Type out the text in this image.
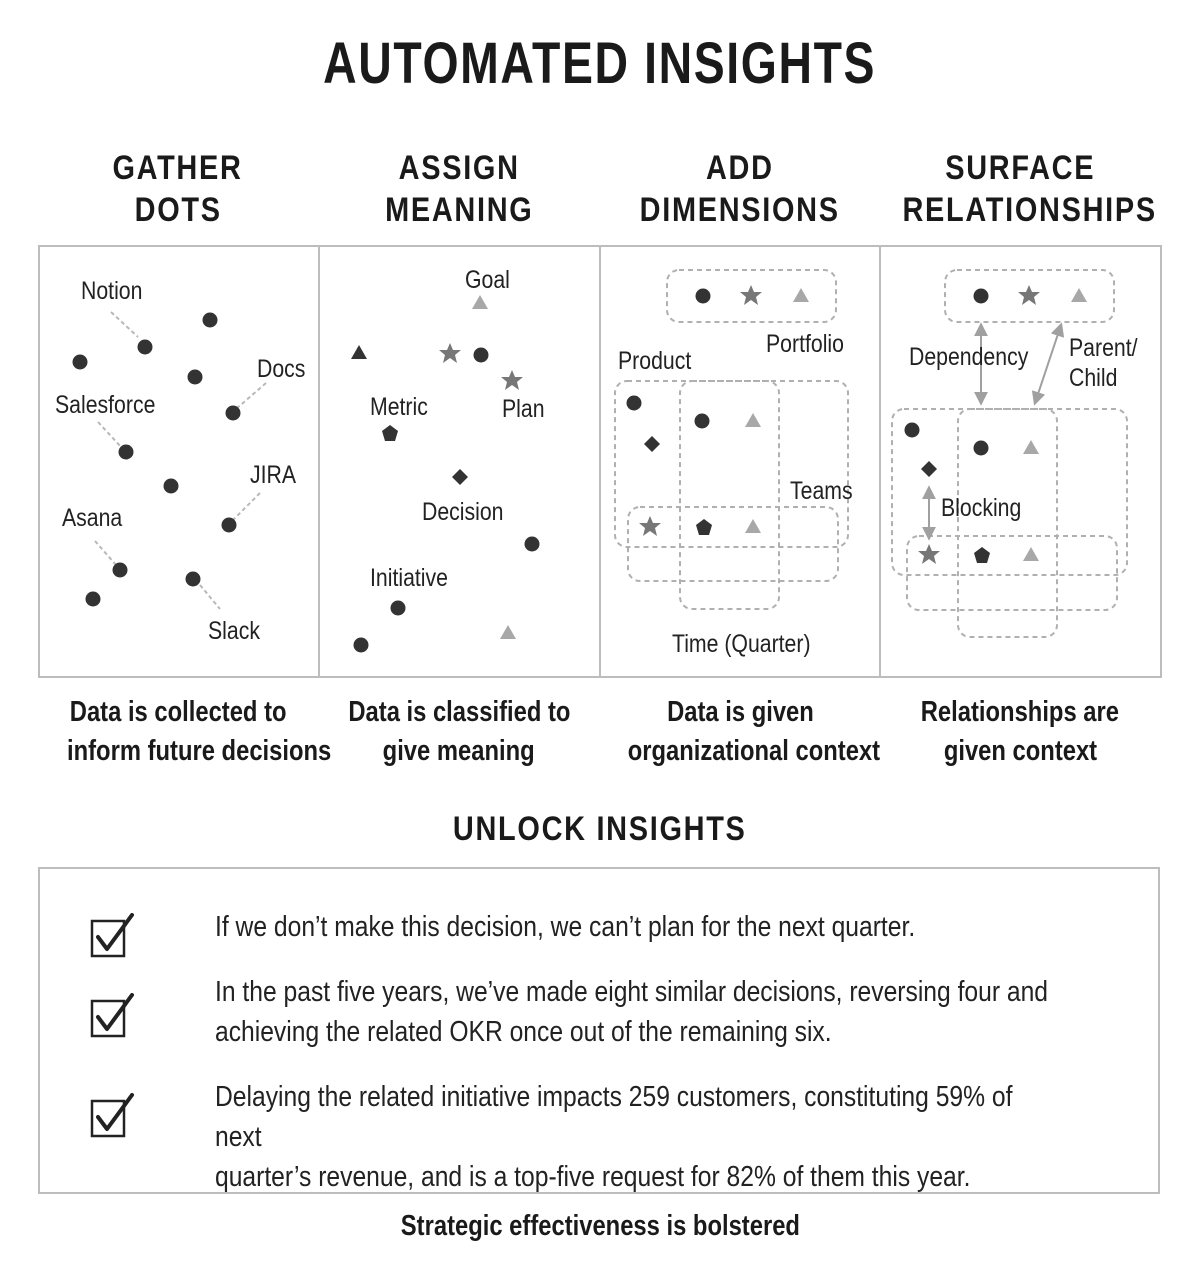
AUTOMATED INSIGHTS
GATHER
DOTS
ASSIGN
MEANING
ADD
DIMENSIONS
SURFACE
RELATIONSHIPS
Notion
Docs
Salesforce
JIRA
Asana
Slack
Goal
Metric	Plan
Decision
Initiative
Product
Portfolio
Teams
Time (Quarter)
Dependency Parent/
Child
Blocking
Data is collected to
inform future decisions
Data is classified to
give meaning
Data is given
organizational context
Relationships are
given context
UNLOCK INSIGHTS
If we don’t make this decision, we can’t plan for the next quarter.
In the past five years, we’ve made eight similar decisions, reversing four and
achieving the related OKR once out of the remaining six.
Delaying the related initiative impacts 259 customers, constituting 59% of next
quarter’s revenue, and is a top-five request for 82% of them this year.
Strategic effectiveness is bolstered
